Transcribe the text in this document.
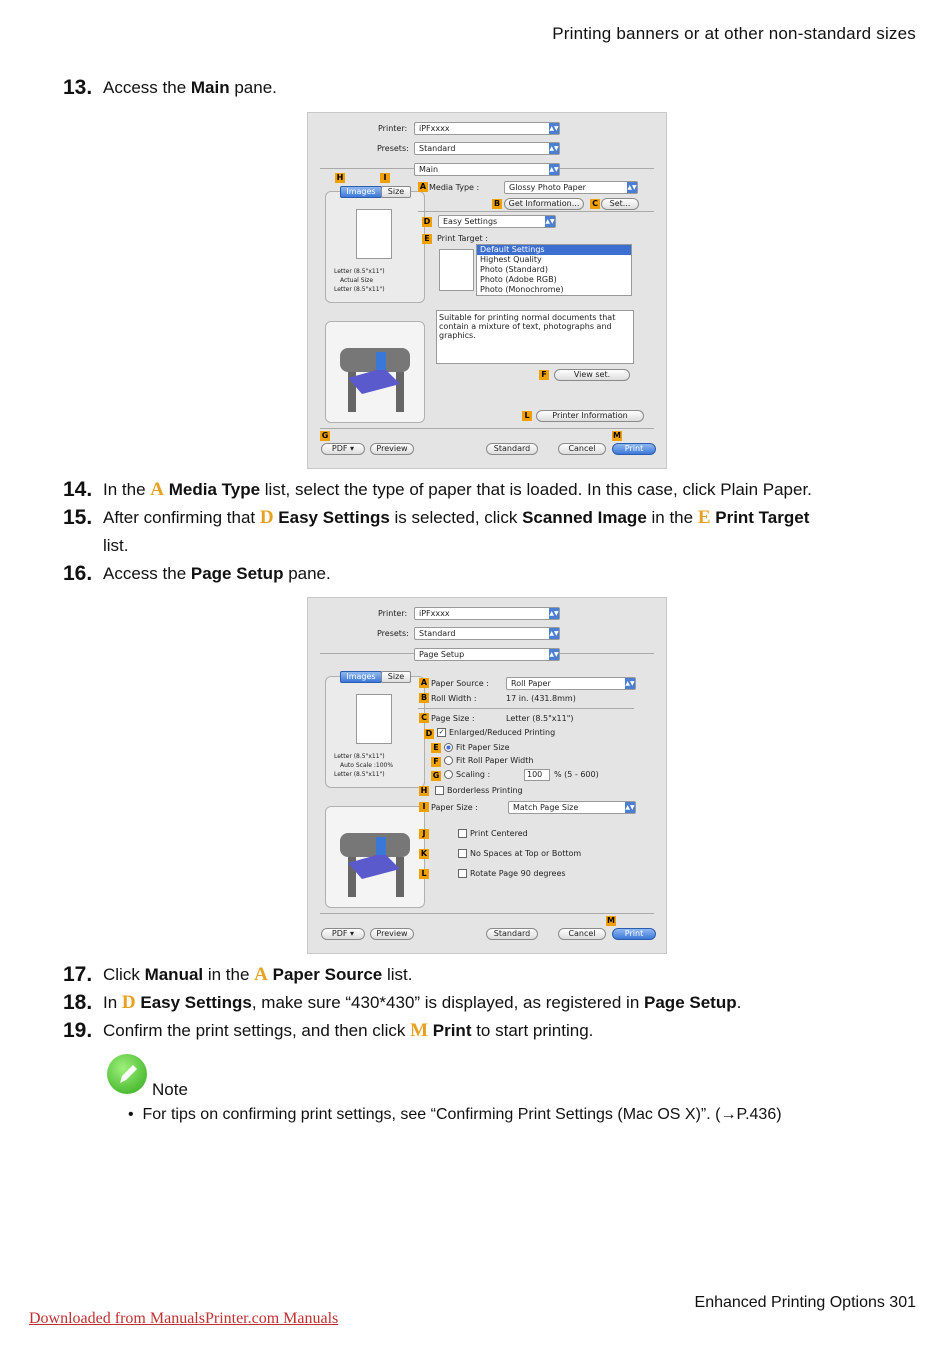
Printing banners or at other non-standard sizes
13. Access the Main pane.
Printer:	iPFxxxx	▲▼
Presets:	Standard	▲▼
Main	▲▼
H	I
Images	Size
Letter (8.5"x11")
Actual Size
Letter (8.5"x11")
A Media Type :	Glossy Photo Paper	▲▼
B	Get Information...	C	Set...
D	Easy Settings	▲▼
E Print Target :
Default Settings
Highest Quality
Photo (Standard)
Photo (Adobe RGB)
Photo (Monochrome)
Suitable for printing normal documents that contain a mixture of text, photographs and graphics.
F	View set.
L	Printer Information
G	M
PDF ▾	Preview	Standard	Cancel	Print
14. In the A Media Type list, select the type of paper that is loaded. In this case, click Plain Paper.
15. After confirming that D Easy Settings is selected, click Scanned Image in the E Print Target
list.
16. Access the Page Setup pane.
Printer:	iPFxxxx	▲▼
Presets:	Standard	▲▼
Page Setup	▲▼
Images	Size
Letter (8.5"x11")
Auto Scale :100%
Letter (8.5"x11")
A Paper Source :	Roll Paper	▲▼
B Roll Width :	17 in. (431.8mm)
C Page Size :	Letter (8.5"x11")
D ✓ Enlarged/Reduced Printing
E	Fit Paper Size
F	Fit Roll Paper Width
G	Scaling :	100	% (5 - 600)
H	Borderless Printing
I Paper Size :	Match Page Size	▲▼
J	Print Centered
K	No Spaces at Top or Bottom
L	Rotate Page 90 degrees
M
PDF ▾	Preview	Standard	Cancel	Print
17. Click Manual in the A Paper Source list.
18. In D Easy Settings, make sure “430*430” is displayed, as registered in Page Setup.
19. Confirm the print settings, and then click M Print to start printing.
Note
•  For tips on confirming print settings, see “Confirming Print Settings (Mac OS X)”. (→P.436)
Enhanced Printing Options 301
Downloaded from ManualsPrinter.com Manuals
